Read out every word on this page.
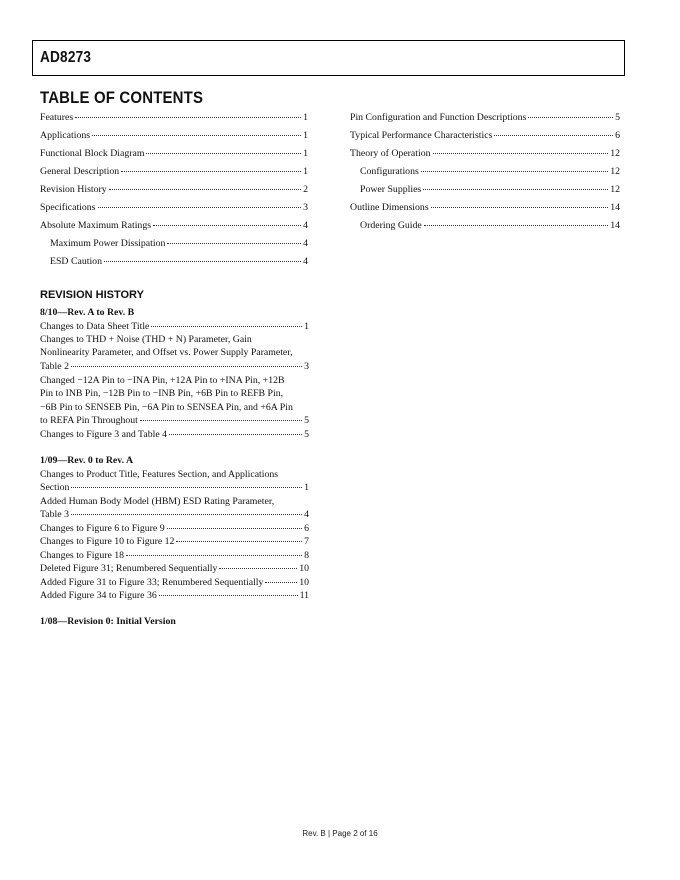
AD8273
TABLE OF CONTENTS
Features	1
Applications	1
Functional Block Diagram	1
General Description	1
Revision History	2
Specifications	3
Absolute Maximum Ratings	4
Maximum Power Dissipation	4
ESD Caution	4
Pin Configuration and Function Descriptions	5
Typical Performance Characteristics	6
Theory of Operation	12
Configurations	12
Power Supplies	12
Outline Dimensions	14
Ordering Guide	14
REVISION HISTORY
8/10—Rev. A to Rev. B
Changes to Data Sheet Title	1
Changes to THD + Noise (THD + N) Parameter, Gain
Nonlinearity Parameter, and Offset vs. Power Supply Parameter,
Table 2	3
Changed −12A Pin to −INA Pin, +12A Pin to +INA Pin, +12B
Pin to INB Pin, −12B Pin to −INB Pin, +6B Pin to REFB Pin,
−6B Pin to SENSEB Pin, −6A Pin to SENSEA Pin, and +6A Pin
to REFA Pin Throughout	5
Changes to Figure 3 and Table 4	5
1/09—Rev. 0 to Rev. A
Changes to Product Title, Features Section, and Applications
Section	1
Added Human Body Model (HBM) ESD Rating Parameter,
Table 3	4
Changes to Figure 6 to Figure 9	6
Changes to Figure 10 to Figure 12	7
Changes to Figure 18	8
Deleted Figure 31; Renumbered Sequentially	10
Added Figure 31 to Figure 33; Renumbered Sequentially	10
Added Figure 34 to Figure 36	11
1/08—Revision 0: Initial Version
Rev. B | Page 2 of 16
